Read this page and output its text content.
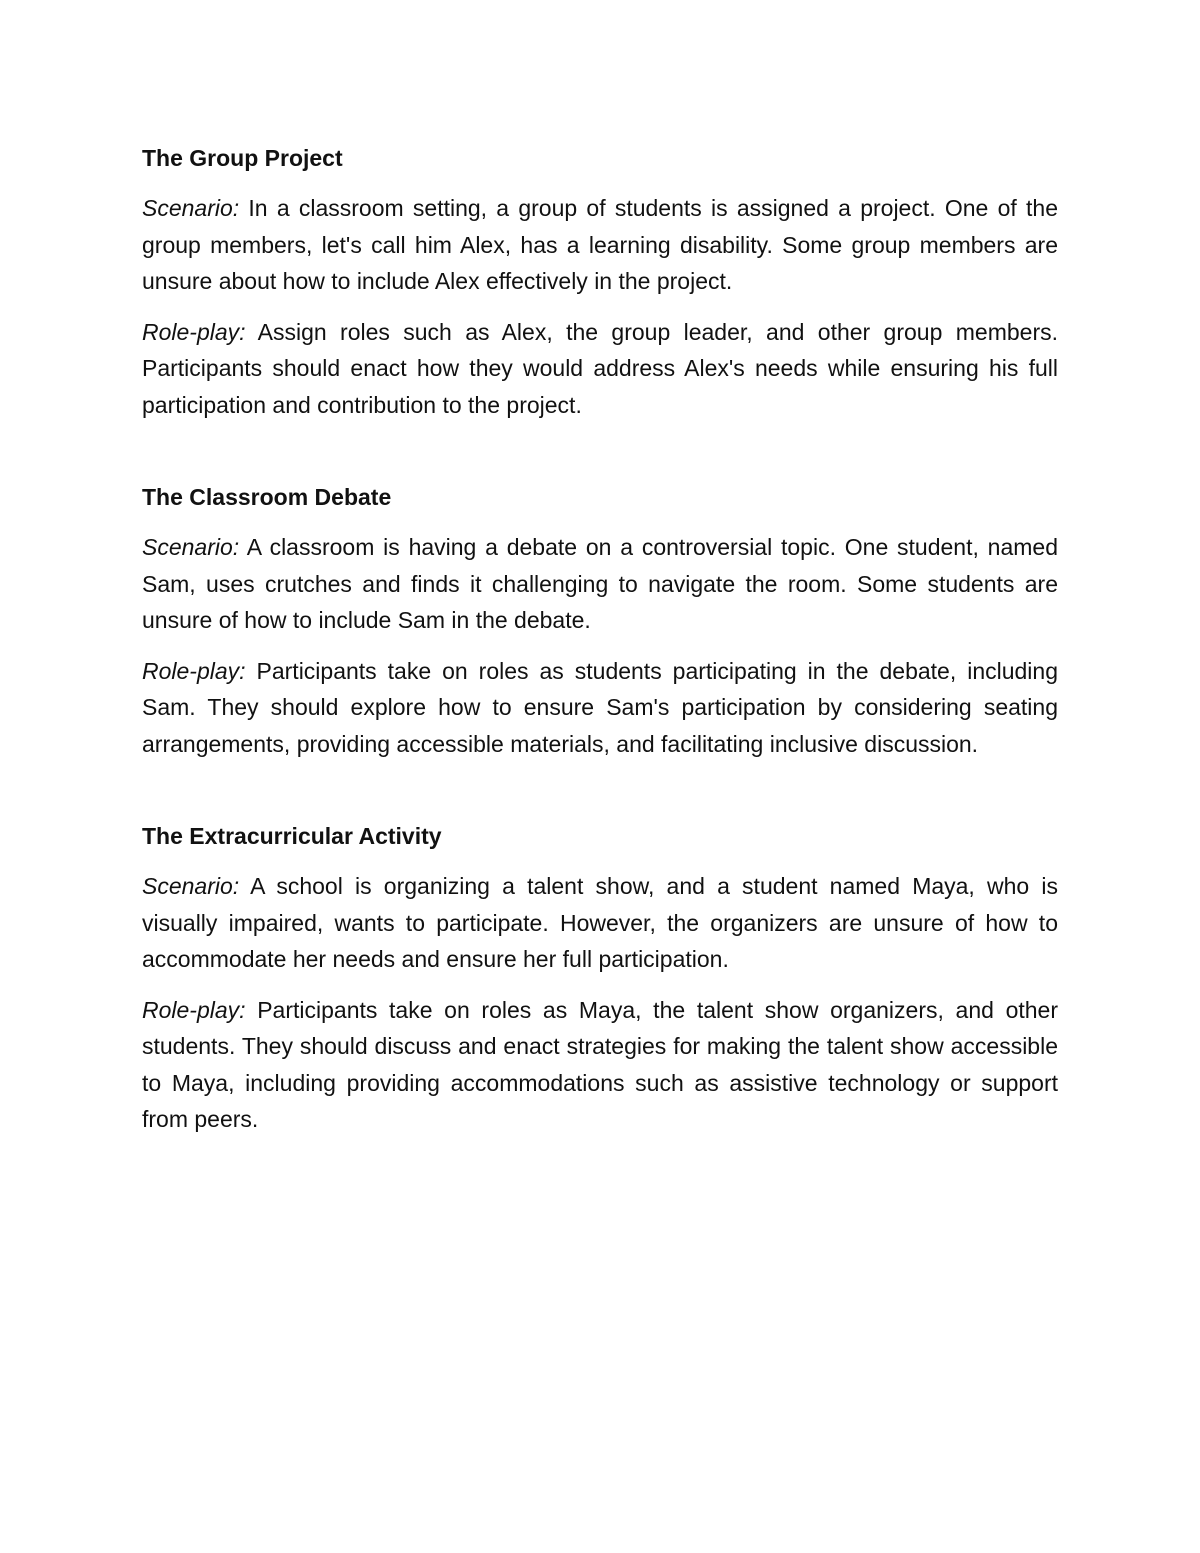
The Group Project

Scenario: In a classroom setting, a group of students is assigned a project. One of the group members, let's call him Alex, has a learning disability. Some group members are unsure about how to include Alex effectively in the project.

Role-play: Assign roles such as Alex, the group leader, and other group members. Participants should enact how they would address Alex's needs while ensuring his full participation and contribution to the project.

The Classroom Debate

Scenario: A classroom is having a debate on a controversial topic. One student, named Sam, uses crutches and finds it challenging to navigate the room. Some students are unsure of how to include Sam in the debate.

Role-play: Participants take on roles as students participating in the debate, including Sam. They should explore how to ensure Sam's participation by considering seating arrangements, providing accessible materials, and facilitating inclusive discussion.

The Extracurricular Activity

Scenario: A school is organizing a talent show, and a student named Maya, who is visually impaired, wants to participate. However, the organizers are unsure of how to accommodate her needs and ensure her full participation.

Role-play: Participants take on roles as Maya, the talent show organizers, and other students. They should discuss and enact strategies for making the talent show accessible to Maya, including providing accommodations such as assistive technology or support from peers.
